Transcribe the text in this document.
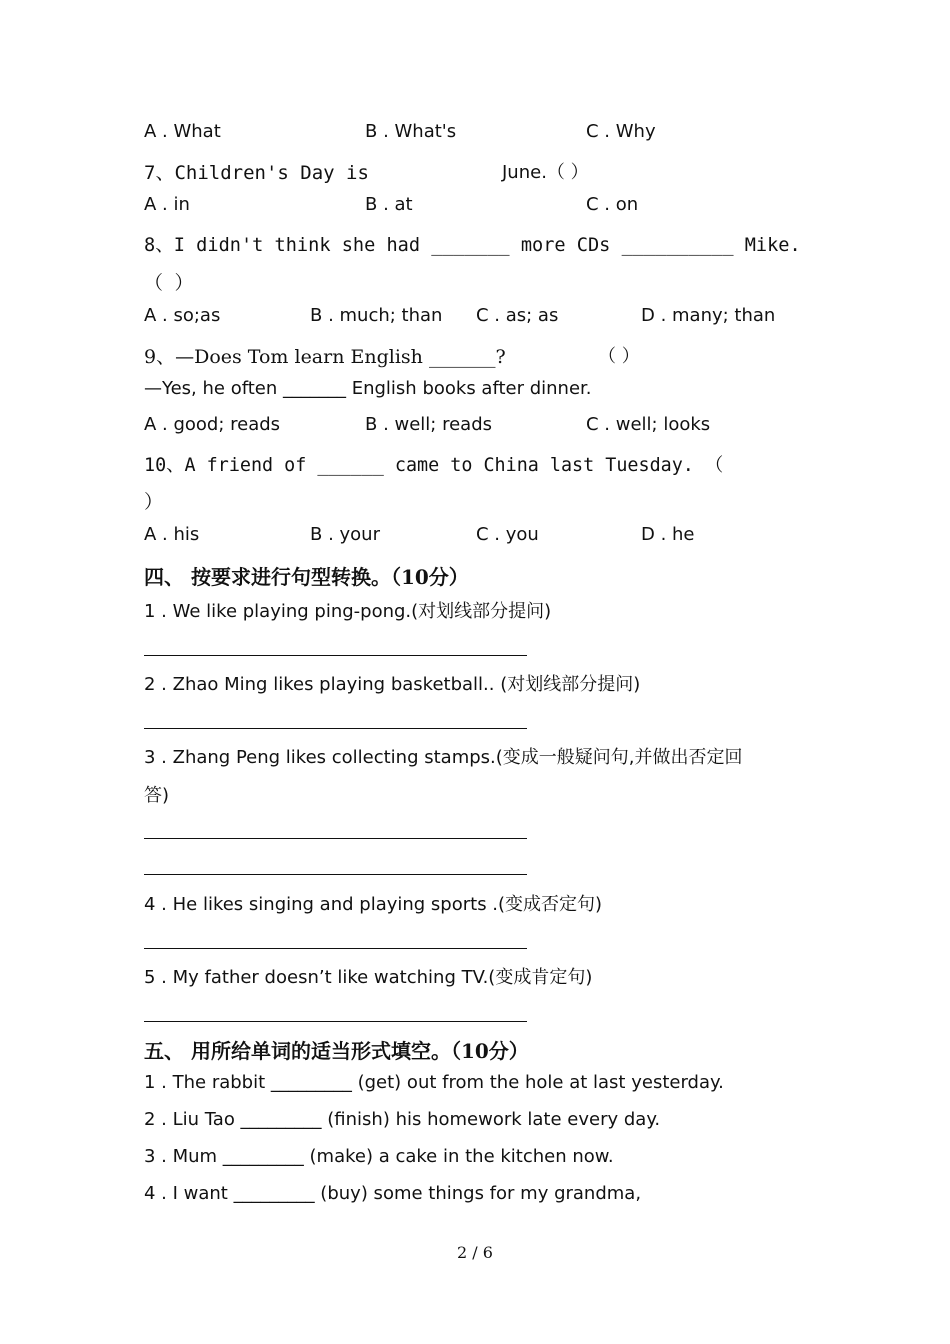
A . What	B . What's	C . Why
7、Children's Day is	June.（ ）
A . in	B . at	C . on
8、I didn't think she had _______ more CDs __________ Mike.
（ ）
A . so;as	B . much; than C . as; as	D . many; than
9、—Does Tom learn English _______?	（ ）
—Yes, he often _______ English books after dinner.
A . good; reads	B . well; reads	C . well; looks
10、A friend of ______ came to China last Tuesday. （
）
A . his	B . your	C . you	D . he
四、 按要求进行句型转换。（10分）
1 . We like playing ping-pong.(对划线部分提问)
2 . Zhao Ming likes playing basketball.. (对划线部分提问)
3 . Zhang Peng likes collecting stamps.(变成一般疑问句,并做出否定回
答)
4 . He likes singing and playing sports .(变成否定句)
5 . My father doesn’t like watching TV.(变成肯定句)
五、 用所给单词的适当形式填空。（10分）
1 . The rabbit _________ (get) out from the hole at last yesterday.
2 . Liu Tao _________ (finish) his homework late every day.
3 . Mum _________ (make) a cake in the kitchen now.
4 . I want _________ (buy) some things for my grandma,
2 / 6
